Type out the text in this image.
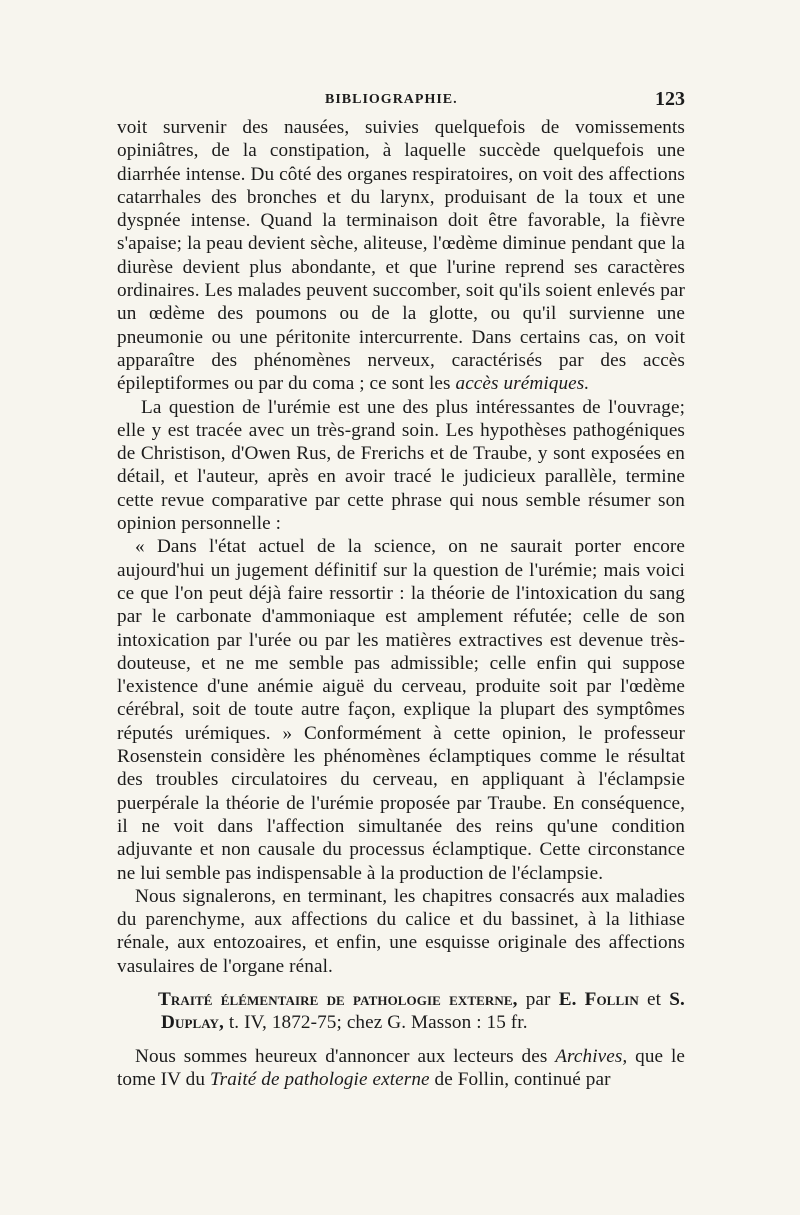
BIBLIOGRAPHIE.	123

voit survenir des nausées, suivies quelquefois de vomissements opiniâtres, de la constipation, à laquelle succède quelquefois une diarrhée intense. Du côté des organes respiratoires, on voit des affections catarrhales des bronches et du larynx, produisant de la toux et une dyspnée intense. Quand la terminaison doit être favorable, la fièvre s'apaise; la peau devient sèche, aliteuse, l'œdème diminue pendant que la diurèse devient plus abondante, et que l'urine reprend ses caractères ordinaires. Les malades peuvent succomber, soit qu'ils soient enlevés par un œdème des poumons ou de la glotte, ou qu'il survienne une pneumonie ou une péritonite intercurrente. Dans certains cas, on voit apparaître des phénomènes nerveux, caractérisés par des accès épileptiformes ou par du coma ; ce sont les accès urémiques.

La question de l'urémie est une des plus intéressantes de l'ouvrage; elle y est tracée avec un très-grand soin. Les hypothèses pathogéniques de Christison, d'Owen Rus, de Frerichs et de Traube, y sont exposées en détail, et l'auteur, après en avoir tracé le judicieux parallèle, termine cette revue comparative par cette phrase qui nous semble résumer son opinion personnelle :

« Dans l'état actuel de la science, on ne saurait porter encore aujourd'hui un jugement définitif sur la question de l'urémie; mais voici ce que l'on peut déjà faire ressortir : la théorie de l'intoxication du sang par le carbonate d'ammoniaque est amplement réfutée; celle de son intoxication par l'urée ou par les matières extractives est devenue très-douteuse, et ne me semble pas admissible; celle enfin qui suppose l'existence d'une anémie aiguë du cerveau, produite soit par l'œdème cérébral, soit de toute autre façon, explique la plupart des symptômes réputés urémiques. » Conformément à cette opinion, le professeur Rosenstein considère les phénomènes éclamptiques comme le résultat des troubles circulatoires du cerveau, en appliquant à l'éclampsie puerpérale la théorie de l'urémie proposée par Traube. En conséquence, il ne voit dans l'affection simultanée des reins qu'une condition adjuvante et non causale du processus éclamptique. Cette circonstance ne lui semble pas indispensable à la production de l'éclampsie.

Nous signalerons, en terminant, les chapitres consacrés aux maladies du parenchyme, aux affections du calice et du bassinet, à la lithiase rénale, aux entozoaires, et enfin, une esquisse originale des affections vasulaires de l'organe rénal.

Traité élémentaire de pathologie externe, par E. Follin et S. Duplay, t. IV, 1872-75; chez G. Masson : 15 fr.

Nous sommes heureux d'annoncer aux lecteurs des Archives, que le tome IV du Traité de pathologie externe de Follin, continué par
